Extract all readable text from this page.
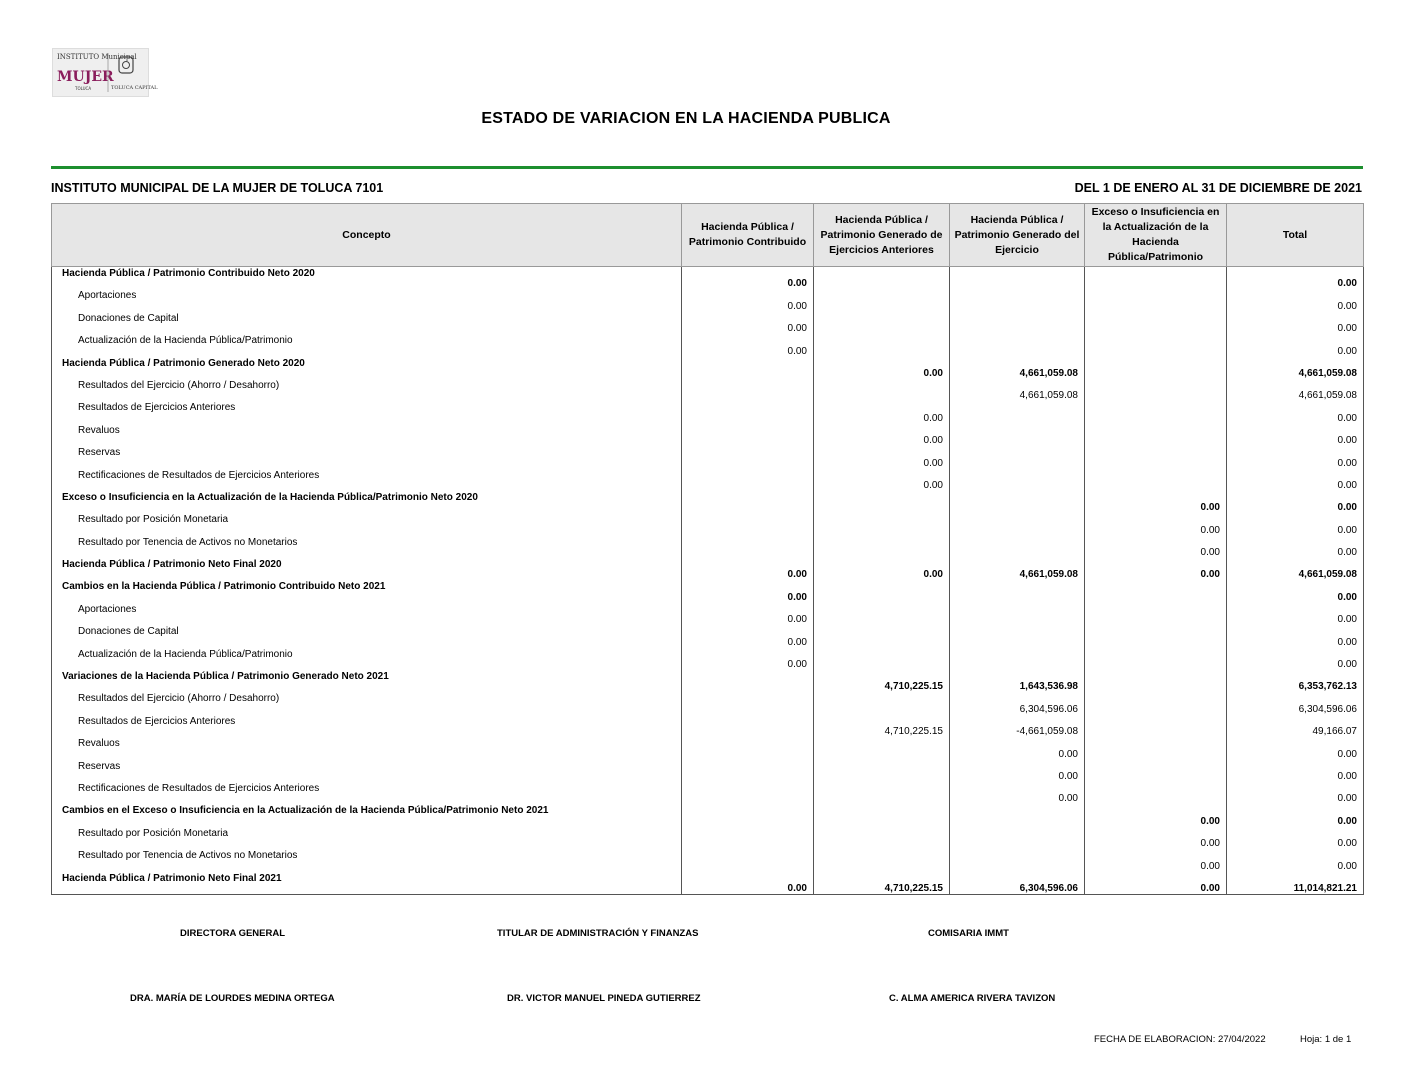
INSTITUTO Municipal
MUJER
TOLUCA	TOLUCA CAPITAL
ESTADO DE VARIACION EN LA HACIENDA PUBLICA
INSTITUTO MUNICIPAL DE LA MUJER DE TOLUCA 7101	DEL 1 DE ENERO AL 31 DE DICIEMBRE DE 2021
Concepto	Hacienda Pública / Patrimonio Contribuido	Hacienda Pública / Patrimonio Generado de Ejercicios Anteriores	Hacienda Pública / Patrimonio Generado del Ejercicio	Exceso o Insuficiencia en la Actualización de la Hacienda Pública/Patrimonio	Total
Hacienda Pública / Patrimonio Contribuido Neto 2020	0.00				0.00
Aportaciones	0.00				0.00
Donaciones de Capital	0.00				0.00
Actualización de la Hacienda Pública/Patrimonio	0.00				0.00
Hacienda Pública / Patrimonio Generado Neto 2020		0.00	4,661,059.08		4,661,059.08
Resultados del Ejercicio (Ahorro / Desahorro)			4,661,059.08		4,661,059.08
Resultados de Ejercicios Anteriores		0.00			0.00
Revaluos		0.00			0.00
Reservas		0.00			0.00
Rectificaciones de Resultados de Ejercicios Anteriores		0.00			0.00
Exceso o Insuficiencia en la Actualización de la Hacienda Pública/Patrimonio Neto 2020				0.00	0.00
Resultado por Posición Monetaria				0.00	0.00
Resultado por Tenencia de Activos no Monetarios				0.00	0.00
Hacienda Pública / Patrimonio Neto Final 2020	0.00	0.00	4,661,059.08	0.00	4,661,059.08
Cambios en la Hacienda Pública / Patrimonio Contribuido Neto 2021	0.00				0.00
Aportaciones	0.00				0.00
Donaciones de Capital	0.00				0.00
Actualización de la Hacienda Pública/Patrimonio	0.00				0.00
Variaciones de la Hacienda Pública / Patrimonio Generado Neto 2021		4,710,225.15	1,643,536.98		6,353,762.13
Resultados del Ejercicio (Ahorro / Desahorro)			6,304,596.06		6,304,596.06
Resultados de Ejercicios Anteriores		4,710,225.15	-4,661,059.08		49,166.07
Revaluos			0.00		0.00
Reservas			0.00		0.00
Rectificaciones de Resultados de Ejercicios Anteriores			0.00		0.00
Cambios en el Exceso o Insuficiencia en la Actualización de la Hacienda Pública/Patrimonio Neto 2021				0.00	0.00
Resultado por Posición Monetaria				0.00	0.00
Resultado por Tenencia de Activos no Monetarios				0.00	0.00
Hacienda Pública / Patrimonio Neto Final 2021	0.00	4,710,225.15	6,304,596.06	0.00	11,014,821.21
DIRECTORA GENERAL	TITULAR DE ADMINISTRACIÓN Y FINANZAS	COMISARIA IMMT
DRA. MARÍA DE LOURDES MEDINA ORTEGA	DR. VICTOR MANUEL PINEDA GUTIERREZ	C. ALMA AMERICA RIVERA TAVIZON
FECHA DE ELABORACION: 27/04/2022	Hoja: 1 de 1
